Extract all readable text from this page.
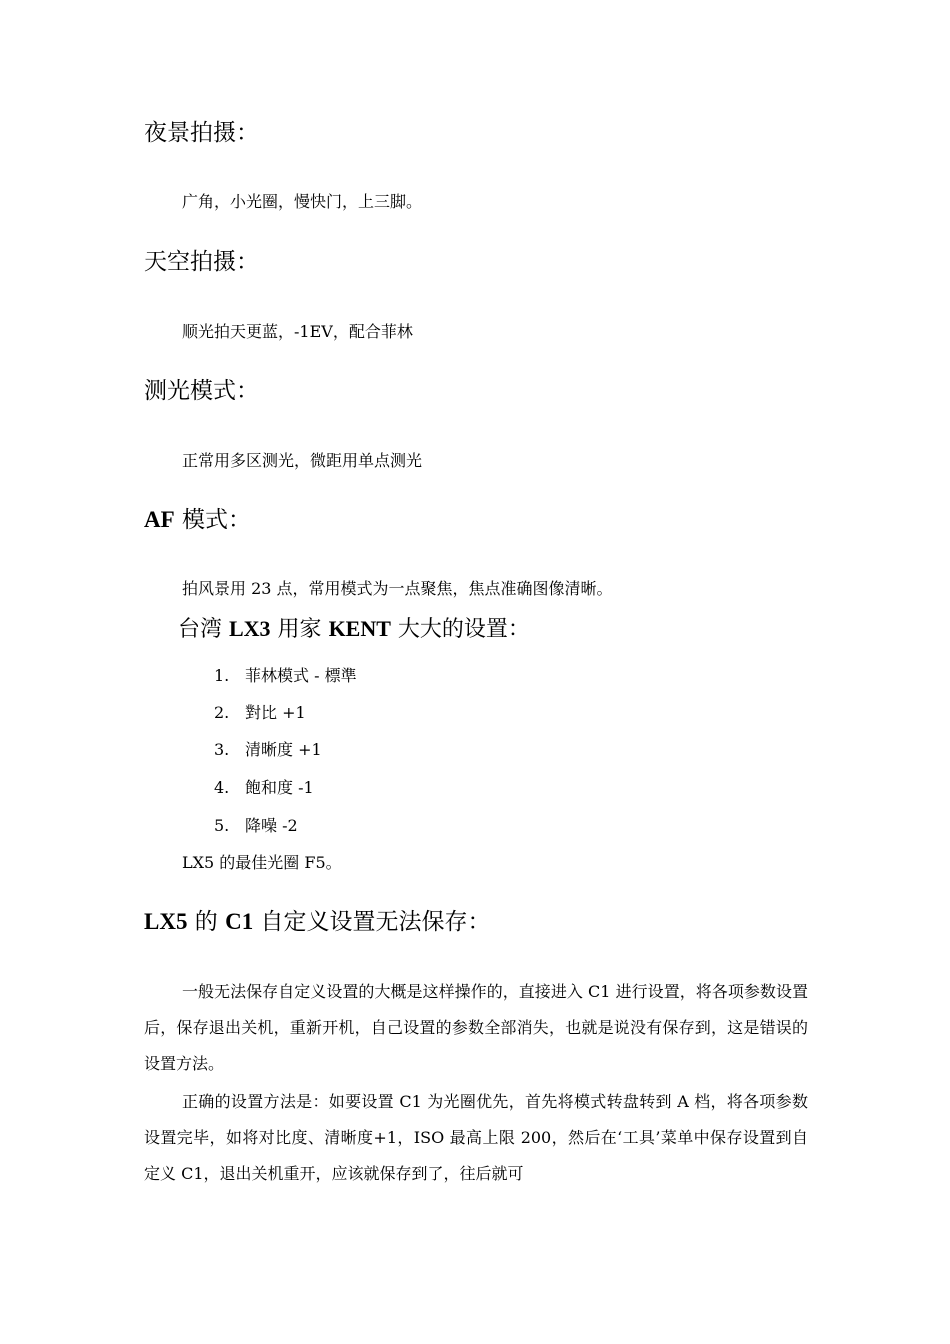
夜景拍摄：
广角，小光圈，慢快门，上三脚。
天空拍摄：
顺光拍天更蓝，-1EV，配合菲林
测光模式：
正常用多区测光，微距用单点测光
AF 模式：
拍风景用 23 点，常用模式为一点聚焦，焦点准确图像清晰。
台湾 LX3 用家 KENT 大大的设置：
1. 菲林模式 - 標準
2. 對比 +1
3. 清晰度 +1
4. 飽和度 -1
5. 降噪 -2
LX5 的最佳光圈 F5。
LX5 的 C1 自定义设置无法保存：
一般无法保存自定义设置的大概是这样操作的，直接进入 C1 进行设置，将各项参数设置后，保存退出关机，重新开机，自己设置的参数全部消失，也就是说没有保存到，这是错误的设置方法。
正确的设置方法是：如要设置 C1 为光圈优先，首先将模式转盘转到 A 档，将各项参数设置完毕，如将对比度、清晰度+1，ISO 最高上限 200，然后在‘工具’菜单中保存设置到自定义 C1，退出关机重开，应该就保存到了，往后就可
